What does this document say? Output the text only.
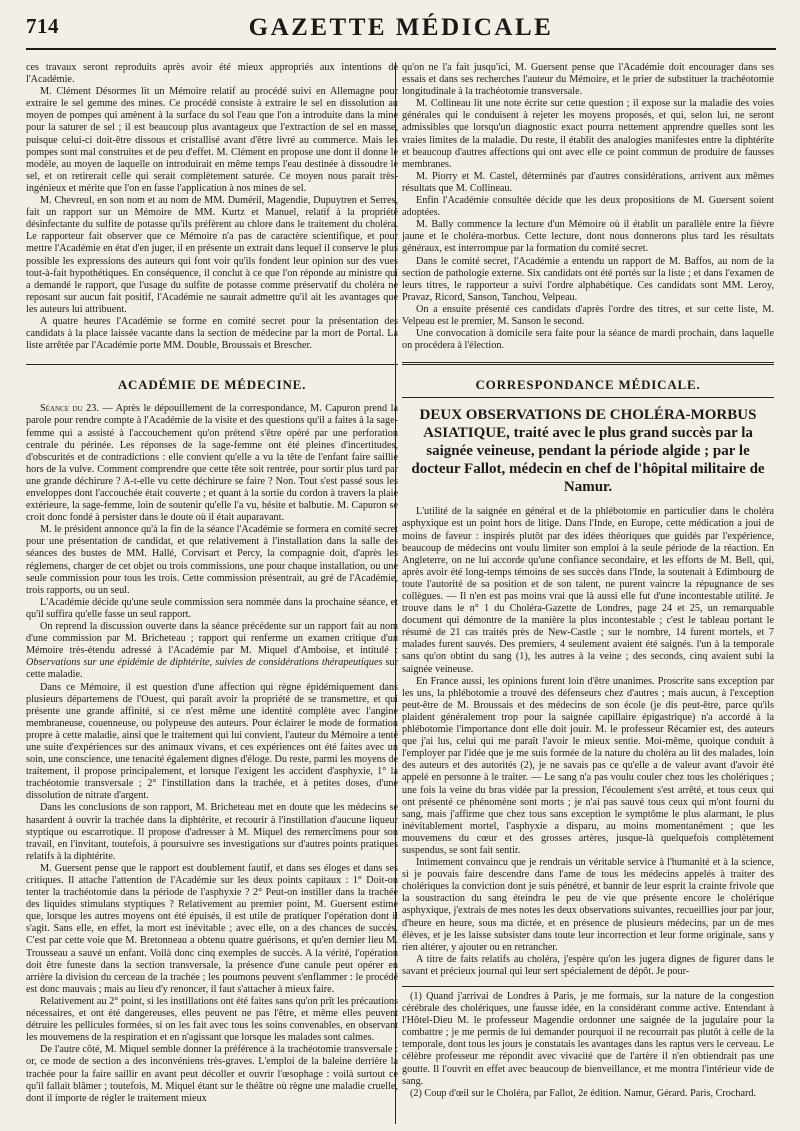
714	GAZETTE MÉDICALE

ces travaux seront reproduits après avoir été mieux appropriés aux intentions de l'Académie.

M. Clément Désormes lit un Mémoire relatif au procédé suivi en Allemagne pour extraire le sel gemme des mines. Ce procédé consiste à extraire le sel en dissolution au moyen de pompes qui amènent à la surface du sol l'eau que l'on a introduite dans la mine pour la saturer de sel ; il est beaucoup plus avantageux que l'extraction de sel en masse, puisque celui-ci doit-être dissous et cristallisé avant d'être livré au commerce. Mais les pompes sont mal construites et de peu d'effet. M. Clément en propose une dont il donne le modèle, au moyen de laquelle on introduirait en même temps l'eau destinée à dissoudre le sel, et on retirerait celle qui serait complètement saturée. Ce moyen nous parait très-ingénieux et mérite que l'on en fasse l'application à nos mines de sel.

M. Chevreul, en son nom et au nom de MM. Duméril, Magendie, Dupuytren et Serres, fait un rapport sur un Mémoire de MM. Kurtz et Manuel, relatif à la propriété désinfectante du sulfite de potasse qu'ils préfèrent au chlore dans le traitement du choléra. Le rapporteur fait observer que ce Mémoire n'a pas de caractère scientifique, et pour mettre l'Académie en état d'en juger, il en présente un extrait dans lequel il conserve le plus possible les expressions des auteurs qui font voir qu'ils fondent leur opinion sur des vues tout-à-fait hypothétiques. En conséquence, il conclut à ce que l'on réponde au ministre qui a demandé le rapport, que l'usage du sulfite de potasse comme préservatif du choléra ne reposant sur aucun fait positif, l'Académie ne saurait admettre qu'il ait les avantages que les auteurs lui attribuent.

A quatre heures l'Académie se forme en comité secret pour la présentation des candidats à la place laissée vacante dans la section de médecine par la mort de Portal. La liste arrêtée par l'Académie porte MM. Double, Broussais et Brescher.

ACADÉMIE DE MÉDECINE.

Séance du 23. — Après le dépouillement de la correspondance, M. Capuron prend la parole pour rendre compte à l'Académie de la visite et des questions qu'il a faites à la sage-femme qui a assisté à l'accouchement qu'on prétend s'être opéré par une perforation centrale du périnée. Les réponses de la sage-femme ont été pleines d'incertitudes, d'obscurités et de contradictions : elle convient qu'elle a vu la tête de l'enfant faire saillie hors de la vulve. Comment comprendre que cette tête soit rentrée, pour sortir plus tard par une grande déchirure ? A-t-elle vu cette déchirure se faire ? Non. Tout s'est passé sous les enveloppes dont l'accouchée était couverte ; et quant à la sortie du cordon à travers la plaie extérieure, la sage-femme, loin de soutenir qu'elle l'a vu, hésite et balbutie. M. Capuron se croit donc fondé à persister dans le doute où il était auparavant.

M. le président annonce qu'à la fin de la séance l'Académie se formera en comité secret pour une présentation de candidat, et que relativement à l'installation dans la salle des séances des bustes de MM. Hallé, Corvisart et Percy, la compagnie doit, d'après les réglemens, charger de cet objet ou trois commissions, une pour chaque installation, ou une seule commission pour tous les trois. Cette commission présentrait, au gré de l'Académie, trois rapports, ou un seul.

L'Académie décide qu'une seule commission sera nommée dans la prochaine séance, et qu'il suffira qu'elle fasse un seul rapport.

On reprend la discussion ouverte dans la séance précédente sur un rapport fait au nom d'une commission par M. Bricheteau ; rapport qui renferme un examen critique d'un Mémoire très-étendu adressé à l'Académie par M. Miquel d'Amboise, et intitulé : Observations sur une épidémie de diphtérite, suivies de considérations thérapeutiques sur cette maladie.

Dans ce Mémoire, il est question d'une affection qui règne épidémiquement dans plusieurs départemens de l'Ouest, qui paraît avoir la propriété de se transmettre, et qui présente une grande affinité, si ce n'est même une identité complète avec l'angine membraneuse, couenneuse, ou polypeuse des auteurs. Pour éclairer le mode de formation propre à cette maladie, ainsi que le traitement qui lui convient, l'auteur du Mémoire a tenté une suite d'expériences sur des animaux vivans, et ces expériences ont été faites avec un soin, une conscience, une tenacité également dignes d'éloge. Du reste, parmi les moyens de traitement, il propose principalement, et lorsque l'exigent les accident d'asphyxie, 1° la trachéotomie transversale ; 2° l'instillation dans la trachée, et à petites doses, d'une dissolution de nitrate d'argent.

Dans les conclusions de son rapport, M. Bricheteau met en doute que les médecins se hasardent à ouvrir la trachée dans la diphtérite, et recourir à l'instillation d'aucune liqueur styptique ou escarrotique. Il propose d'adresser à M. Miquel des remercîmens pour son travail, en l'invitant, toutefois, à poursuivre ses investigations sur d'autres points pratiques relatifs à la diphtérite.

M. Guersent pense que le rapport est doublement fautif, et dans ses éloges et dans ses critiques. Il attache l'attention de l'Académie sur les deux points capitaux : 1° Doit-on tenter la trachéotomie dans la période de l'asphyxie ? 2° Peut-on instiller dans la trachée des liquides stimulans styptiques ? Relativement au premier point, M. Guersent estime que, lorsque les autres moyens ont été épuisés, il est utile de pratiquer l'opération dont il s'agit. Sans elle, en effet, la mort est inévitable ; avec elle, on a des chances de succès. C'est par cette voie que M. Bretonneau a obtenu quatre guérisons, et qu'en dernier lieu M. Trousseau a sauvé un enfant. Voilà donc cinq exemples de succès. A la vérité, l'opération doit être funeste dans la section transversale, la présence d'une canule peut opérer en arrière la division du cerceau de la trachée ; les poumons peuvent s'enflammer : le procédé est donc mauvais ; mais au lieu d'y renoncer, il faut s'attacher à mieux faire.

Relativement au 2° point, si les instillations ont été faites sans qu'on prît les précautions nécessaires, et ont été dangereuses, elles peuvent ne pas l'être, et même elles peuvent détruire les pellicules formées, si on les fait avec tous les soins convenables, en observant les mouvemens de la respiration et en n'agissant que lorsque les malades sont calmes.

De l'autre côté, M. Miquel semble donner la préférence à la trachéotomie transversale : or, ce mode de section a des inconvéniens très-graves. L'emploi de la baleine derrière la trachée pour la faire saillir en avant peut décoller et ouvrir l'œsophage : voilà surtout ce qu'il fallait blâmer ; toutefois, M. Miquel étant sur le théâtre où règne une maladie cruelle, dont il importe de régler le traitement mieux

qu'on ne l'a fait jusqu'ici, M. Guersent pense que l'Académie doit encourager dans ses essais et dans ses recherches l'auteur du Mémoire, et le prier de substituer la trachéotomie longitudinale à la trachéotomie transversale.

M. Collineau lit une note écrite sur cette question ; il expose sur la maladie des voies générales qui le conduisent à rejeter les moyens proposés, et qui, selon lui, ne seront admissibles que lorsqu'un diagnostic exact pourra nettement apprendre quelles sont les vraies limites de la maladie. Du reste, il établit des analogies manifestes entre la diphtérite et beaucoup d'autres affections qui ont avec elle ce point commun de produire de fausses membranes.

M. Piorry et M. Castel, déterminés par d'autres considérations, arrivent aux mêmes résultats que M. Collineau.

Enfin l'Académie consultée décide que les deux propositions de M. Guersent soient adoptées.

M. Bally commence la lecture d'un Mémoire où il établit un parallèle entre la fièvre jaune et le choléra-morbus. Cette lecture, dont nous donnerons plus tard les résultats généraux, est interrompue par la formation du comité secret.

Dans le comité secret, l'Académie a entendu un rapport de M. Baffos, au nom de la section de pathologie externe. Six candidats ont été portés sur la liste ; et dans l'examen de leurs titres, le rapporteur a suivi l'ordre alphabétique. Ces candidats sont MM. Leroy, Pravaz, Ricord, Sanson, Tanchou, Velpeau.

On a ensuite présenté ces candidats d'après l'ordre des titres, et sur cette liste, M. Velpeau est le premier, M. Sanson le second.

Une convocation à domicile sera faite pour la séance de mardi prochain, dans laquelle on procédera à l'élection.

CORRESPONDANCE MÉDICALE.
DEUX OBSERVATIONS DE CHOLÉRA-MORBUS ASIATIQUE, traité avec le plus grand succès par la saignée veineuse, pendant la période algide ; par le docteur Fallot, médecin en chef de l'hôpital militaire de Namur.

L'utilité de la saignée en général et de la phlébotomie en particulier dans le choléra asphyxique est un point hors de litige. Dans l'Inde, en Europe, cette médication a joui de moins de faveur : inspirés plutôt par des idées théoriques que guidés par l'expérience, beaucoup de médecins ont voulu limiter son emploi à la seule période de la réaction. En Angleterre, on ne lui accorde qu'une confiance secondaire, et les efforts de M. Bell, qui, après avoir été long-temps témoins de ses succès dans l'Inde, la soutenait à Edimbourg de toute l'autorité de sa position et de son talent, ne purent vaincre la répugnance de ses collègues. — Il n'en est pas moins vrai que là aussi elle fut d'une incontestable utilité. Je trouve dans le n° 1 du Choléra-Gazette de Londres, page 24 et 25, un remarquable document qui démontre de la manière la plus incontestable ; c'est le tableau portant le résumé de 21 cas traités près de New-Castle ; sur le nombre, 14 furent mortels, et 7 malades furent sauvés. Des premiers, 4 seulement avaient été saignés. l'un à la temporale sans qu'on obtint du sang (1), les autres à la veine ; des seconds, cinq avaient subi la saignée veineuse.

En France aussi, les opinions furent loin d'être unanimes. Proscrite sans exception par les uns, la phlébotomie a trouvé des défenseurs chez d'autres ; mais aucun, à l'exception peut-être de M. Broussais et des médecins de son école (je dis peut-être, parce qu'ils plaident généralement trop pour la saignée capillaire épigastrique) n'a accordé à la phlébotomie l'importance dont elle doit jouir. M. le professeur Récamier est, des auteurs que j'ai lus, celui qui me paraît l'avoir le mieux sentie. Moi-même, quoique conduit à l'employer par l'idée que je me suis formée de la nature du choléra au lit des malades, loin des auteurs et des autorités (2), je ne savais pas ce qu'elle a de valeur avant d'avoir été appelé en personne à le traiter. — Le sang n'a pas voulu couler chez tous les cholériques ; une fois la veine du bras vidée par la pression, l'écoulement s'est arrêté, et tous ceux qui ont présenté ce phénomène sont morts ; je n'ai pas sauvé tous ceux qui m'ont fourni du sang, mais j'affirme que chez tous sans exception le symptôme le plus alarmant, le plus inévitablement mortel, l'asphyxie a disparu, au moins momentanément ; que les mouvemens du cœur et des grosses artères, jusque-là quelquefois complètement suspendus, se sont fait sentir.

Intimement convaincu que je rendrais un véritable service à l'humanité et à la science, si je pouvais faire descendre dans l'ame de tous les médecins appelés à traiter des cholériques la conviction dont je suis pénétré, et bannir de leur esprit la crainte frivole que la soustraction du sang éteindra le peu de vie que présente encore le cholérique asphyxique, j'extrais de mes notes les deux observations suivantes, recueillies jour par jour, d'heure en heure, sous ma dictée, et en présence de plusieurs médecins, par un de mes élèves, et je les laisse subsister dans toute leur incorrection et leur forme originale, sans y rien altérer, y ajouter ou en retrancher.

A titre de faits relatifs au choléra, j'espère qu'on les jugera dignes de figurer dans le savant et précieux journal qui leur sert spécialement de dépôt. Je pour-

(1) Quand j'arrivai de Londres à Paris, je me formais, sur la nature de la congestion cérébrale des cholériques, une fausse idée, en la considérant comme active. Entendant à l'Hôtel-Dieu M. le professeur Magendie ordonner une saignée de la jugulaire pour la combattre ; je me permis de lui demander pourquoi il ne recourrait pas plutôt à celle de la temporale, dont tous les jours je constatais les avantages dans les raptus vers le cerveau. Le célèbre professeur me répondit avec vivacité que de l'artère il n'en obtiendrait pas une goutte. Il l'ouvrit en effet avec beaucoup de bienveillance, et me montra l'intérieur vide de sang.

(2) Coup d'œil sur le Choléra, par Fallot, 2e édition. Namur, Gérard. Paris, Crochard.
